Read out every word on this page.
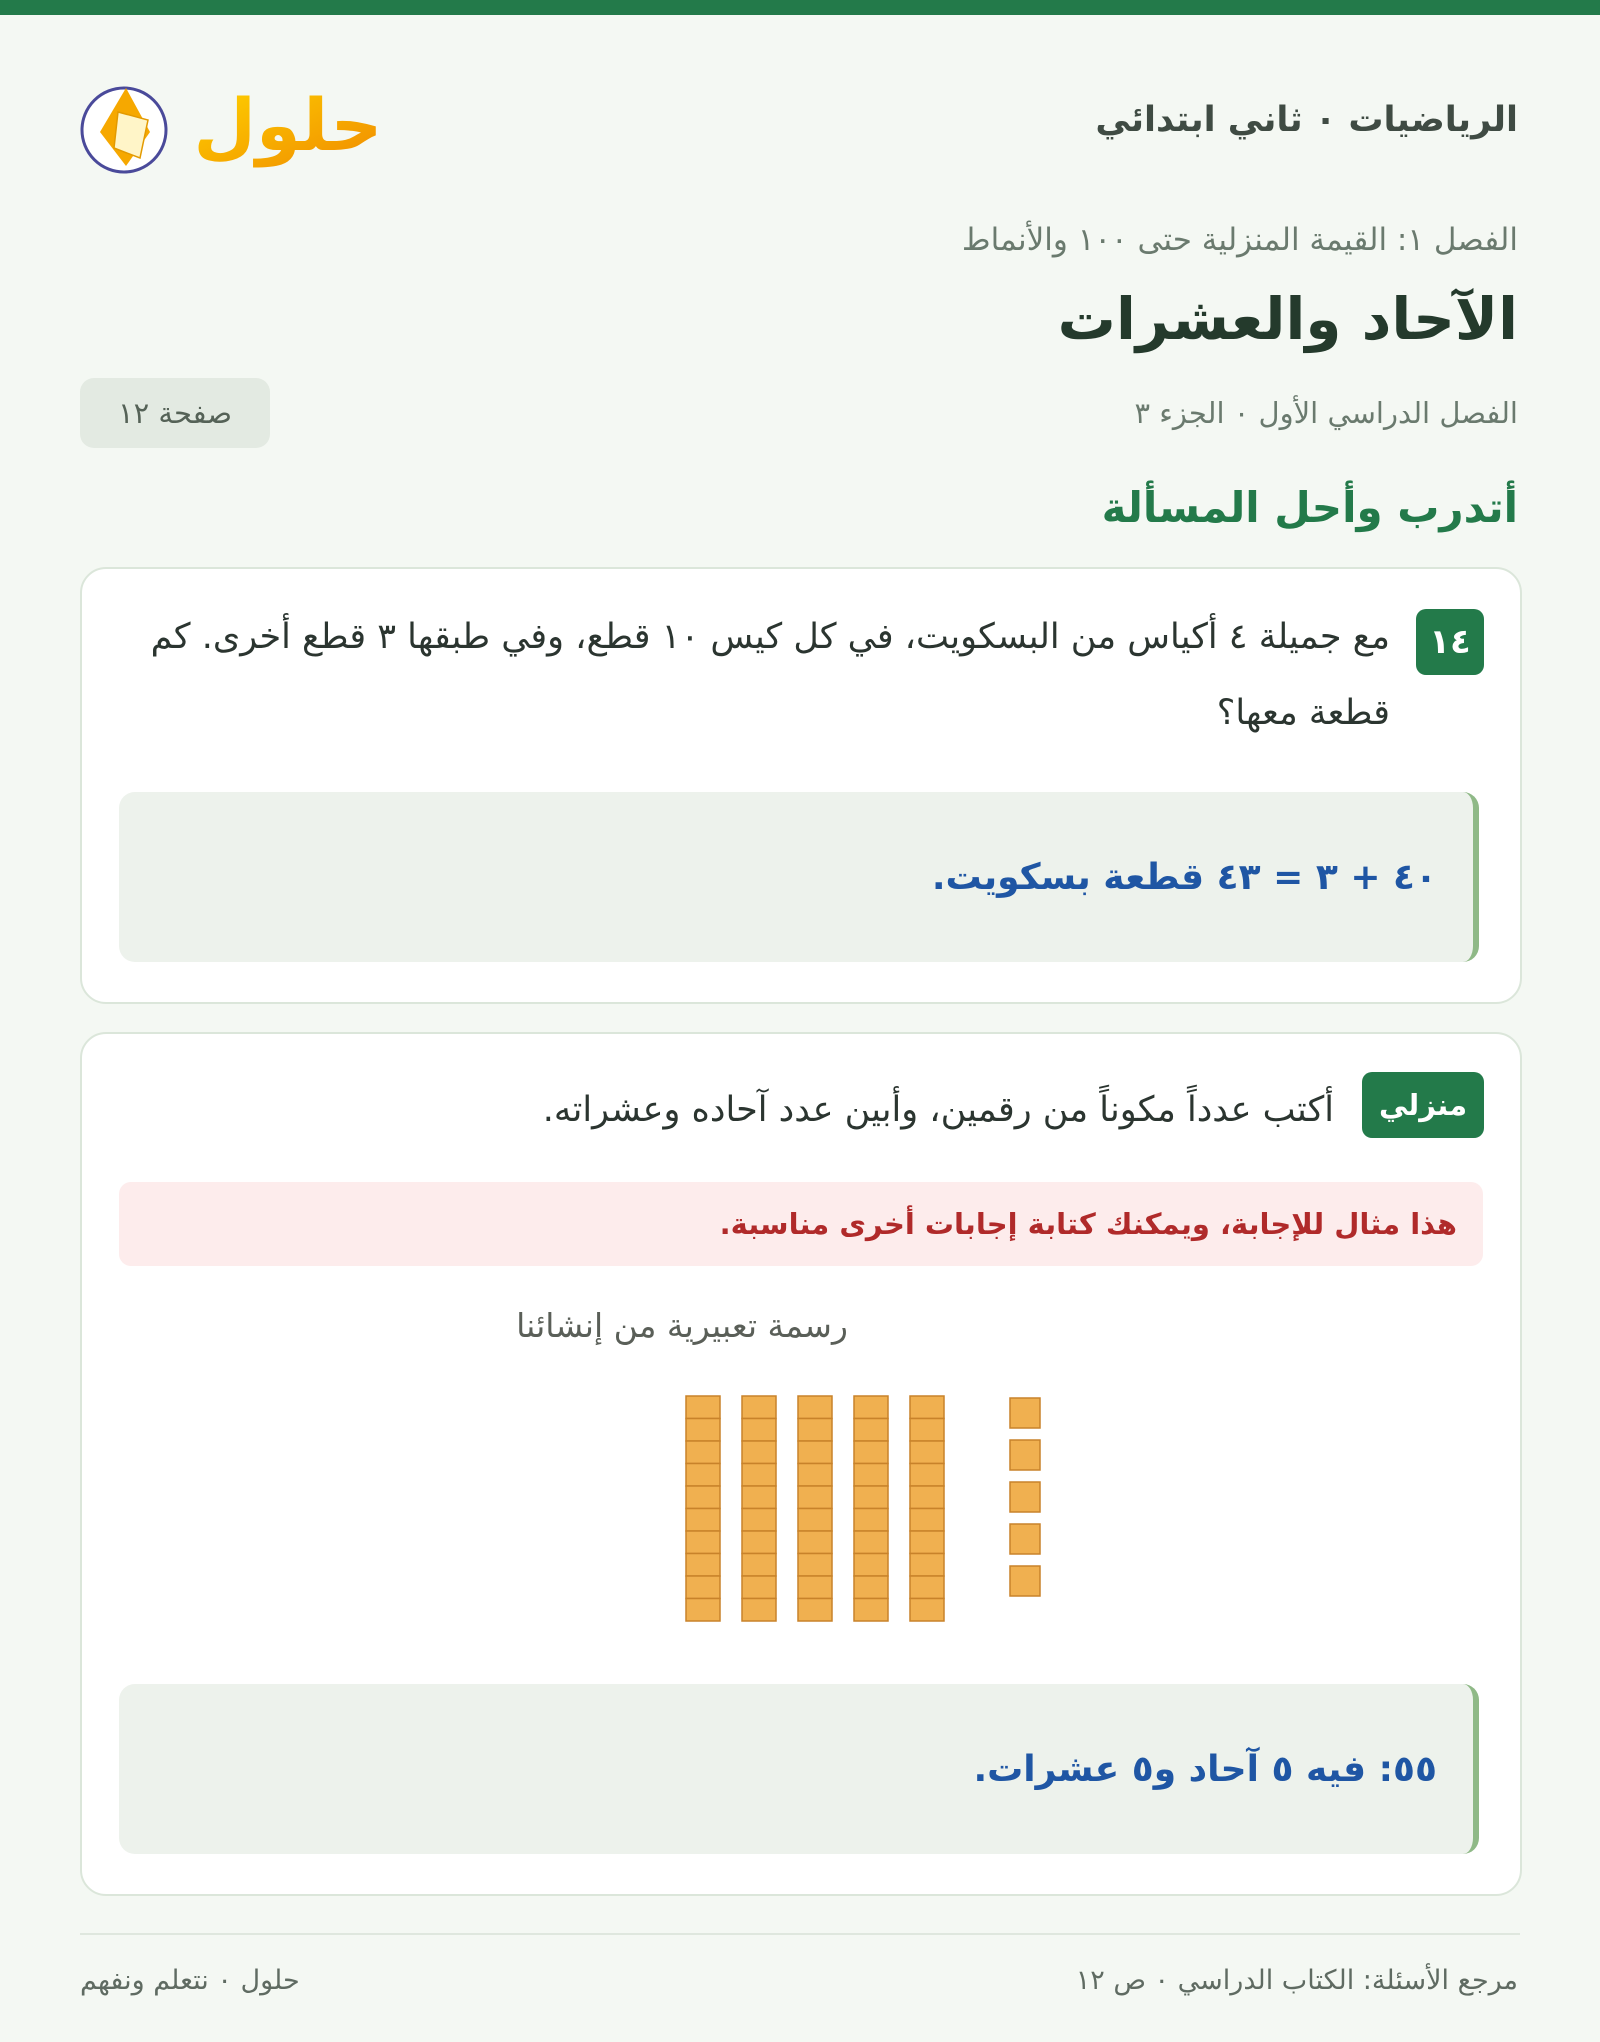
الرياضيات ٠ ثاني ابتدائي
حلول
الفصل ١: القيمة المنزلية حتى ١٠٠ والأنماط
الآحاد والعشرات
الفصل الدراسي الأول ٠ الجزء ٣
صفحة ١٢
أتدرب وأحل المسألة
١٤
مع جميلة ٤ أكياس من البسكويت، في كل كيس ١٠ قطع، وفي طبقها ٣ قطع أخرى. كم قطعة معها؟
٤٠ + ٣ = ٤٣ قطعة بسكويت.
منزلي
أكتب عدداً مكوناً من رقمين، وأبين عدد آحاده وعشراته.
هذا مثال للإجابة، ويمكنك كتابة إجابات أخرى مناسبة.
رسمة تعبيرية من إنشائنا
٥٥: فيه ٥ آحاد و٥ عشرات.
مرجع الأسئلة: الكتاب الدراسي ٠ ص ١٢
حلول ٠ نتعلم ونفهم
